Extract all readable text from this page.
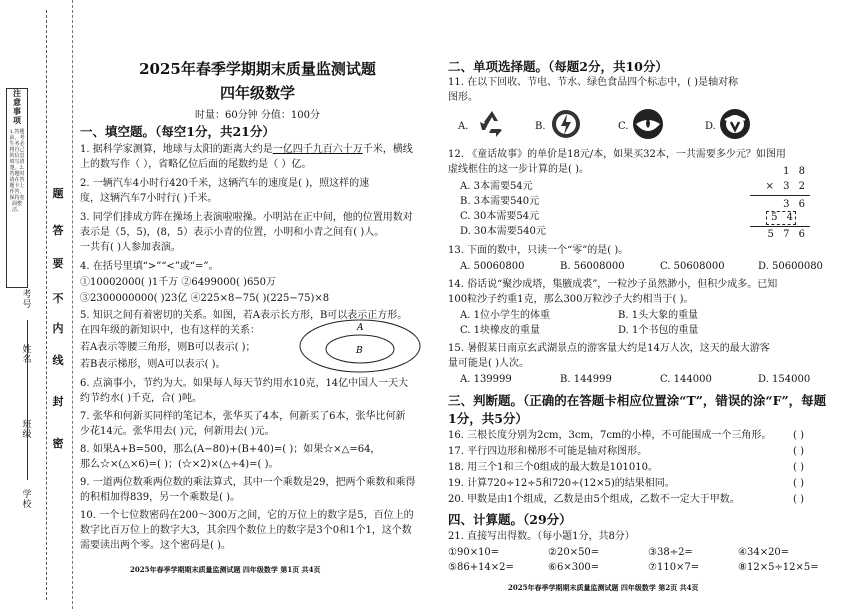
注意事项
1.答题前，考生务必将自己的信息填写清楚。2.答题时请在答题卡上作答，保持卷面整洁。
学校
班级
姓名
考号
密
封
线
内
不
要
答
题
2025年春季学期期末质量监测试题
四年级数学
时量：60分钟 分值：100分
一、填空题。（每空1分，共21分）
1. 据科学家测算，地球与太阳的距离大约是一亿四千九百六十万千米，横线
上的数写作（ ），省略亿位后面的尾数约是（ ）亿。
2. 一辆汽车4小时行420千米，这辆汽车的速度是( )，照这样的速
度，这辆汽车7小时行( )千米。
3. 同学们排成方阵在操场上表演啦啦操。小明站在正中间，他的位置用数对
表示是（5，5)，(8，5）表示小青的位置，小明和小青之间有( )人。
一共有( )人参加表演。
4. 在括号里填“>”“<”或“=”。
①10002000( )1千万 ②6499000( )650万
③2300000000( )23亿 ④225×8−75( )(225−75)×8
5. 知识之间有着密切的关系。如图，若A表示长方形，B可以表示正方形。
在四年级的新知识中，也有这样的关系：
若A表示等腰三角形，则B可以表示( )；
若B表示梯形，则A可以表示( )。
A
B
6. 点滴事小，节约为大。如果每人每天节约用水10克，14亿中国人一天大
约节约水( )千克，合( )吨。
7. 张华和何新买同样的笔记本，张华买了4本，何新买了6本，张华比何新
少花14元。张华用去( )元，何新用去( )元。
8. 如果A+B=500，那么(A−80)+(B+40)=( )；如果☆×△=64，
那么☆×(△×6)=( )；(☆×2)×(△÷4)=( )。
9. 一道两位数乘两位数的乘法算式，其中一个乘数是29，把两个乘数和乘得
的积相加得839，另一个乘数是( )。
10. 一个七位数密码在200～300万之间，它的万位上的数字是5，百位上的
数字比百万位上的数字大3，其余四个数位上的数字是3个0和1个1，这个数
需要读出两个零。这个密码是( )。
2025年春季学期期末质量监测试题 四年级数学 第1页 共4页
二、单项选择题。（每题2分，共10分）
11. 在以下回收、节电、节水、绿色食品四个标志中，( )是轴对称
图形。
A.	B.	C.	D.
12. 《童话故事》的单价是18元/本，如果买32本，一共需要多少元？如图用
虚线框住的这一步计算的是( )。
A. 3本需要54元
B. 3本需要540元
C. 30本需要54元
D. 30本需要540元
1 8
× 3 2
3 6
5 4
5 7 6
13. 下面的数中，只读一个“零”的是( )。
A. 50060800	B. 56008000	C. 50608000	D. 50600080
14. 俗话说“聚沙成塔，集腋成裘”，一粒沙子虽然渺小，但积少成多。已知
100粒沙子约重1克，那么300万粒沙子大约相当于( )。
A. 1位小学生的体重	B. 1头大象的重量
C. 1块橡皮的重量	D. 1个书包的重量
15. 暑假某日南京玄武湖景点的游客量大约是14万人次，这天的最大游客
量可能是( )人次。
A. 139999	B. 144999	C. 144000	D. 154000
三、判断题。（正确的在答题卡相应位置涂“T”，错误的涂“F”，每题
1分，共5分）
16. 三根长度分别为2cm，3cm，7cm的小棒，不可能围成一个三角形。 ( )
17. 平行四边形和梯形不可能是轴对称图形。	( )
18. 用三个1和三个0组成的最大数是101010。	( )
19. 计算720÷12÷5和720÷(12×5)的结果相同。	( )
20. 甲数是由1个组成，乙数是由5个组成，乙数不一定大于甲数。	( )
四、计算题。（29分）
21. 直接写出得数。（每小题1分，共8分）
①90×10=	②20×50=	③38÷2=	④34×20=
⑤86+14×2=	⑥6×300=	⑦110×7=	⑧12×5÷12×5=
2025年春季学期期末质量监测试题 四年级数学 第2页 共4页
